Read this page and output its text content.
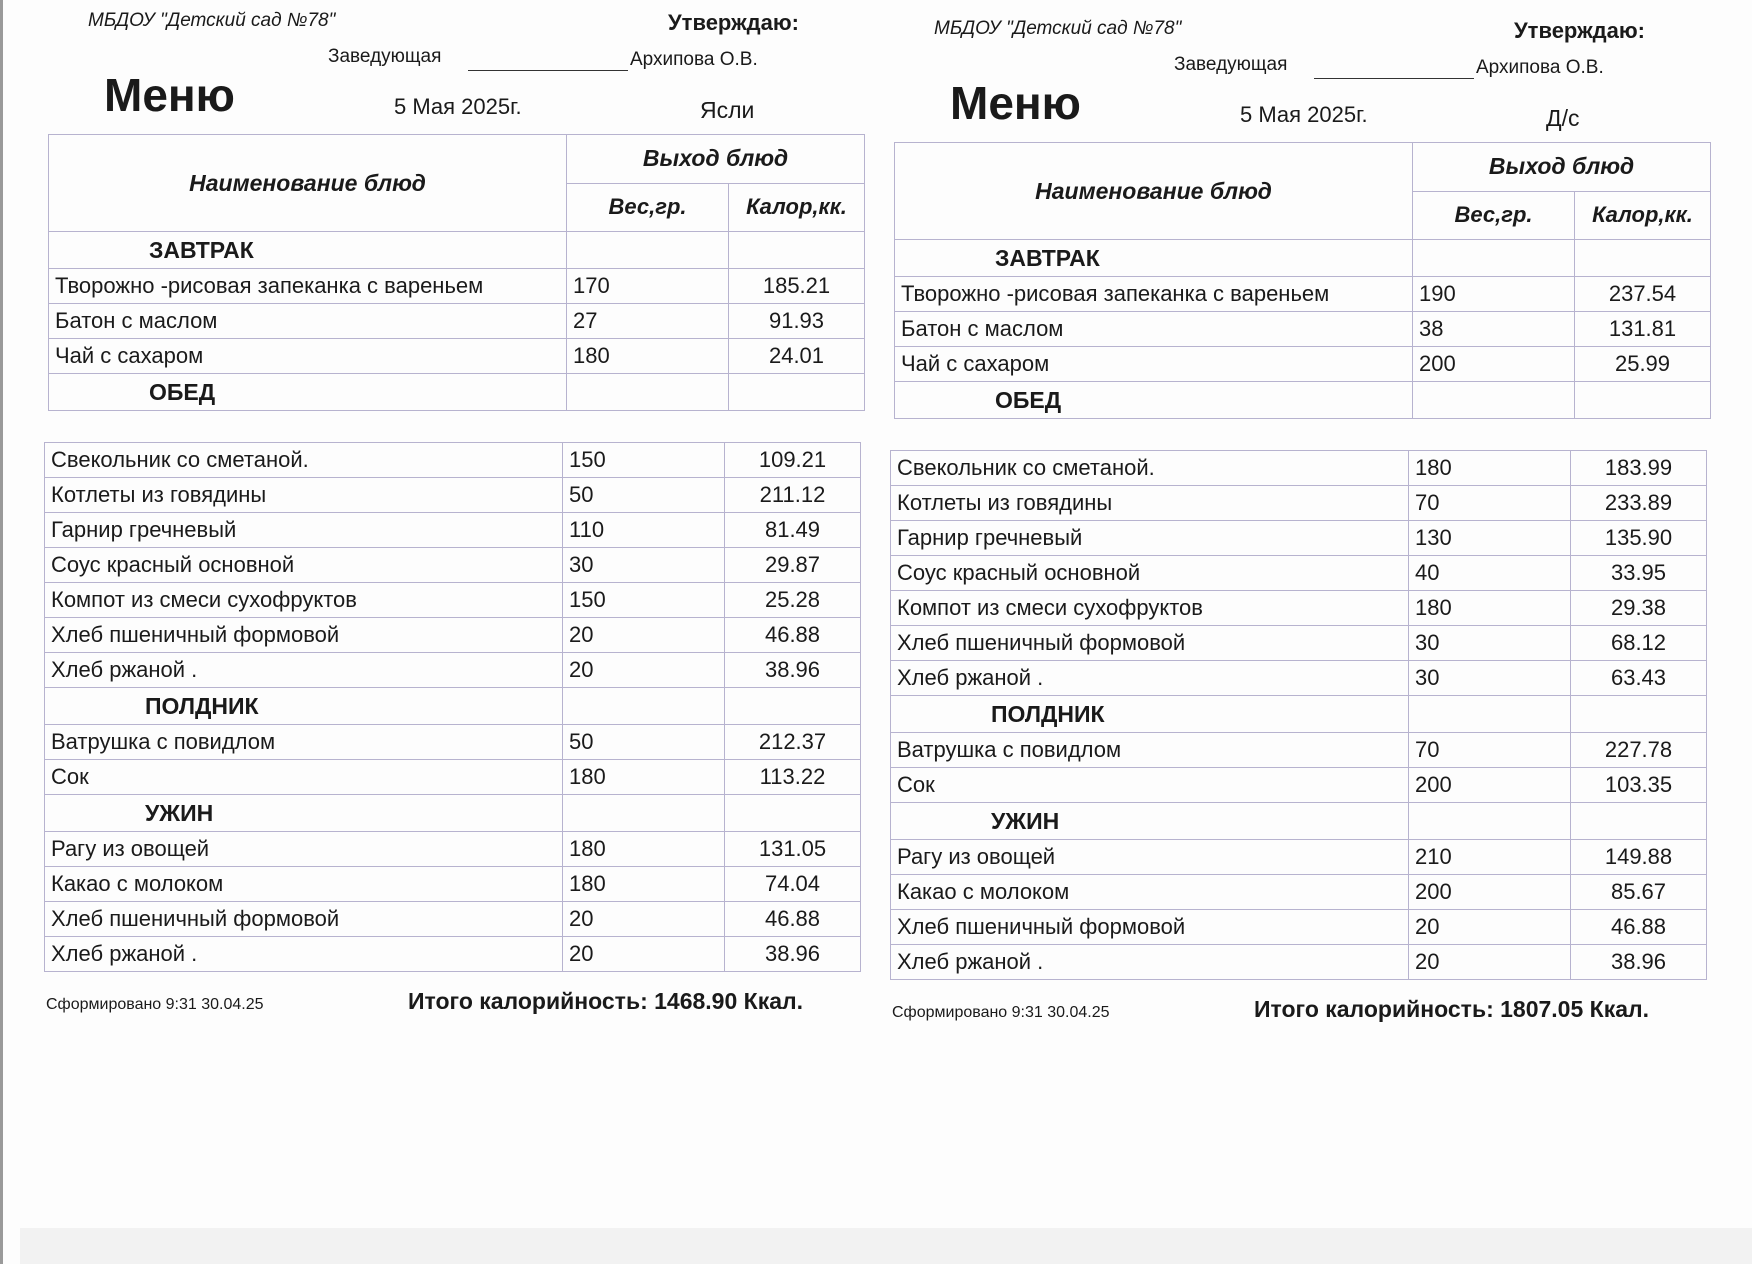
МБДОУ "Детский сад №78"	Утверждаю:
Заведующая	Архипова О.В.
Меню	5 Мая 2025г.	Ясли
Наименование блюд	Выход блюд	
	Вес,гр.	Калор,кк.
ЗАВТРАК		
Творожно -рисовая запеканка с вареньем	170	185.21
Батон с маслом	27	91.93
Чай с сахаром	180	24.01
ОБЕД		
Свекольник со сметаной.	150	109.21
Котлеты из говядины	50	211.12
Гарнир гречневый	110	81.49
Соус красный основной	30	29.87
Компот из смеси сухофруктов	150	25.28
Хлеб пшеничный формовой	20	46.88
Хлеб ржаной .	20	38.96
ПОЛДНИК		
Ватрушка с повидлом	50	212.37
Сок	180	113.22
УЖИН		
Рагу из овощей	180	131.05
Какао с молоком	180	74.04
Хлеб пшеничный формовой	20	46.88
Хлеб ржаной .	20	38.96
Сформировано 9:31 30.04.25	Итого калорийность: 1468.90 Ккал.
МБДОУ "Детский сад №78"	Утверждаю:
Заведующая	Архипова О.В.
Меню	5 Мая 2025г.	Д/с
Наименование блюд	Выход блюд	
	Вес,гр.	Калор,кк.
ЗАВТРАК		
Творожно -рисовая запеканка с вареньем	190	237.54
Батон с маслом	38	131.81
Чай с сахаром	200	25.99
ОБЕД		
Свекольник со сметаной.	180	183.99
Котлеты из говядины	70	233.89
Гарнир гречневый	130	135.90
Соус красный основной	40	33.95
Компот из смеси сухофруктов	180	29.38
Хлеб пшеничный формовой	30	68.12
Хлеб ржаной .	30	63.43
ПОЛДНИК		
Ватрушка с повидлом	70	227.78
Сок	200	103.35
УЖИН		
Рагу из овощей	210	149.88
Какао с молоком	200	85.67
Хлеб пшеничный формовой	20	46.88
Хлеб ржаной .	20	38.96
Сформировано 9:31 30.04.25	Итого калорийность: 1807.05 Ккал.
